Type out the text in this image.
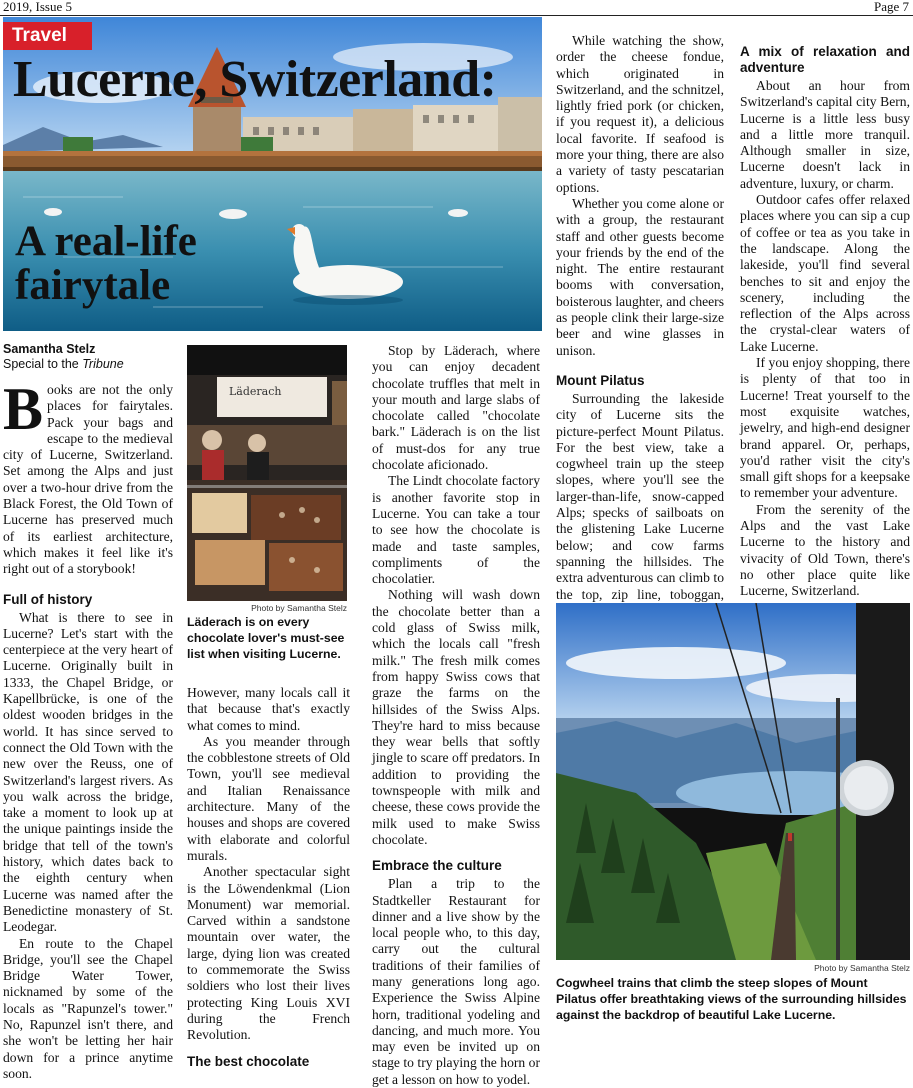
2019, Issue 5	Page 7
Travel
Lucerne, Switzerland:
A real-life fairytale
Samantha Stelz
Special to the Tribune

Books are not the only places for fairytales. Pack your bags and escape to the medieval city of Lucerne, Switzerland. Set among the Alps and just over a two-hour drive from the Black Forest, the Old Town of Lucerne has preserved much of its earliest architecture, which makes it feel like it's right out of a storybook!

Full of history

What is there to see in Lucerne? Let's start with the centerpiece at the very heart of Lucerne. Originally built in 1333, the Chapel Bridge, or Kapellbrücke, is one of the oldest wooden bridges in the world. It has since served to connect the Old Town with the new over the Reuss, one of Switzerland's largest rivers. As you walk across the bridge, take a moment to look up at the unique paintings inside the bridge that tell of the town's history, which dates back to the eighth century when Lucerne was named after the Benedictine monastery of St. Leodegar.

En route to the Chapel Bridge, you'll see the Chapel Bridge Water Tower, nicknamed by some of the locals as "Rapunzel's tower." No, Rapunzel isn't there, and she won't be letting her hair down for a prince anytime soon.

Läderach
Photo by Samantha Stelz
Läderach is on every chocolate lover's must-see list when visiting Lucerne.

However, many locals call it that because that's exactly what comes to mind.

As you meander through the cobblestone streets of Old Town, you'll see medieval and Italian Renaissance architecture. Many of the houses and shops are covered with elaborate and colorful murals.

Another spectacular sight is the Löwendenkmal (Lion Monument) war memorial. Carved within a sandstone mountain over water, the large, dying lion was created to commemorate the Swiss soldiers who lost their lives protecting King Louis XVI during the French Revolution.

The best chocolate

Stop by Läderach, where you can enjoy decadent chocolate truffles that melt in your mouth and large slabs of chocolate called "chocolate bark." Läderach is on the list of must-dos for any true chocolate aficionado.

The Lindt chocolate factory is another favorite stop in Lucerne. You can take a tour to see how the chocolate is made and taste samples, compliments of the chocolatier.

Nothing will wash down the chocolate better than a cold glass of Swiss milk, which the locals call "fresh milk." The fresh milk comes from happy Swiss cows that graze the farms on the hillsides of the Swiss Alps. They're hard to miss because they wear bells that softly jingle to scare off predators. In addition to providing the townspeople with milk and cheese, these cows provide the milk used to make Swiss chocolate.

Embrace the culture

Plan a trip to the Stadtkeller Restaurant for dinner and a live show by the local people who, to this day, carry out the cultural traditions of their families of many generations long ago. Experience the Swiss Alpine horn, traditional yodeling and dancing, and much more. You may even be invited up on stage to try playing the horn or get a lesson on how to yodel.

While watching the show, order the cheese fondue, which originated in Switzerland, and the schnitzel, lightly fried pork (or chicken, if you request it), a delicious local favorite. If seafood is more your thing, there are also a variety of tasty pescatarian options.

Whether you come alone or with a group, the restaurant staff and other guests become your friends by the end of the night. The entire restaurant booms with conversation, boisterous laughter, and cheers as people clink their large-size beer and wine glasses in unison.

Mount Pilatus

Surrounding the lakeside city of Lucerne sits the picture-perfect Mount Pilatus. For the best view, take a cogwheel train up the steep slopes, where you'll see the larger-than-life, snow-capped Alps; specks of sailboats on the glistening Lake Lucerne below; and cow farms spanning the hillsides. The extra adventurous can climb to the top, zip line, toboggan,

A mix of relaxation and adventure

About an hour from Switzerland's capital city Bern, Lucerne is a little less busy and a little more tranquil. Although smaller in size, Lucerne doesn't lack in adventure, luxury, or charm.

Outdoor cafes offer relaxed places where you can sip a cup of coffee or tea as you take in the landscape. Along the lakeside, you'll find several benches to sit and enjoy the scenery, including the reflection of the Alps across the crystal-clear waters of Lake Lucerne.

If you enjoy shopping, there is plenty of that too in Lucerne! Treat yourself to the most exquisite watches, jewelry, and high-end designer brand apparel. Or, perhaps, you'd rather visit the city's small gift shops for a keepsake to remember your adventure.

From the serenity of the Alps and the vast Lake Lucerne to the history and vivacity of Old Town, there's no other place quite like Lucerne, Switzerland.

Photo by Samantha Stelz
Cogwheel trains that climb the steep slopes of Mount Pilatus offer breathtaking views of the surrounding hillsides against the backdrop of beautiful Lake Lucerne.
